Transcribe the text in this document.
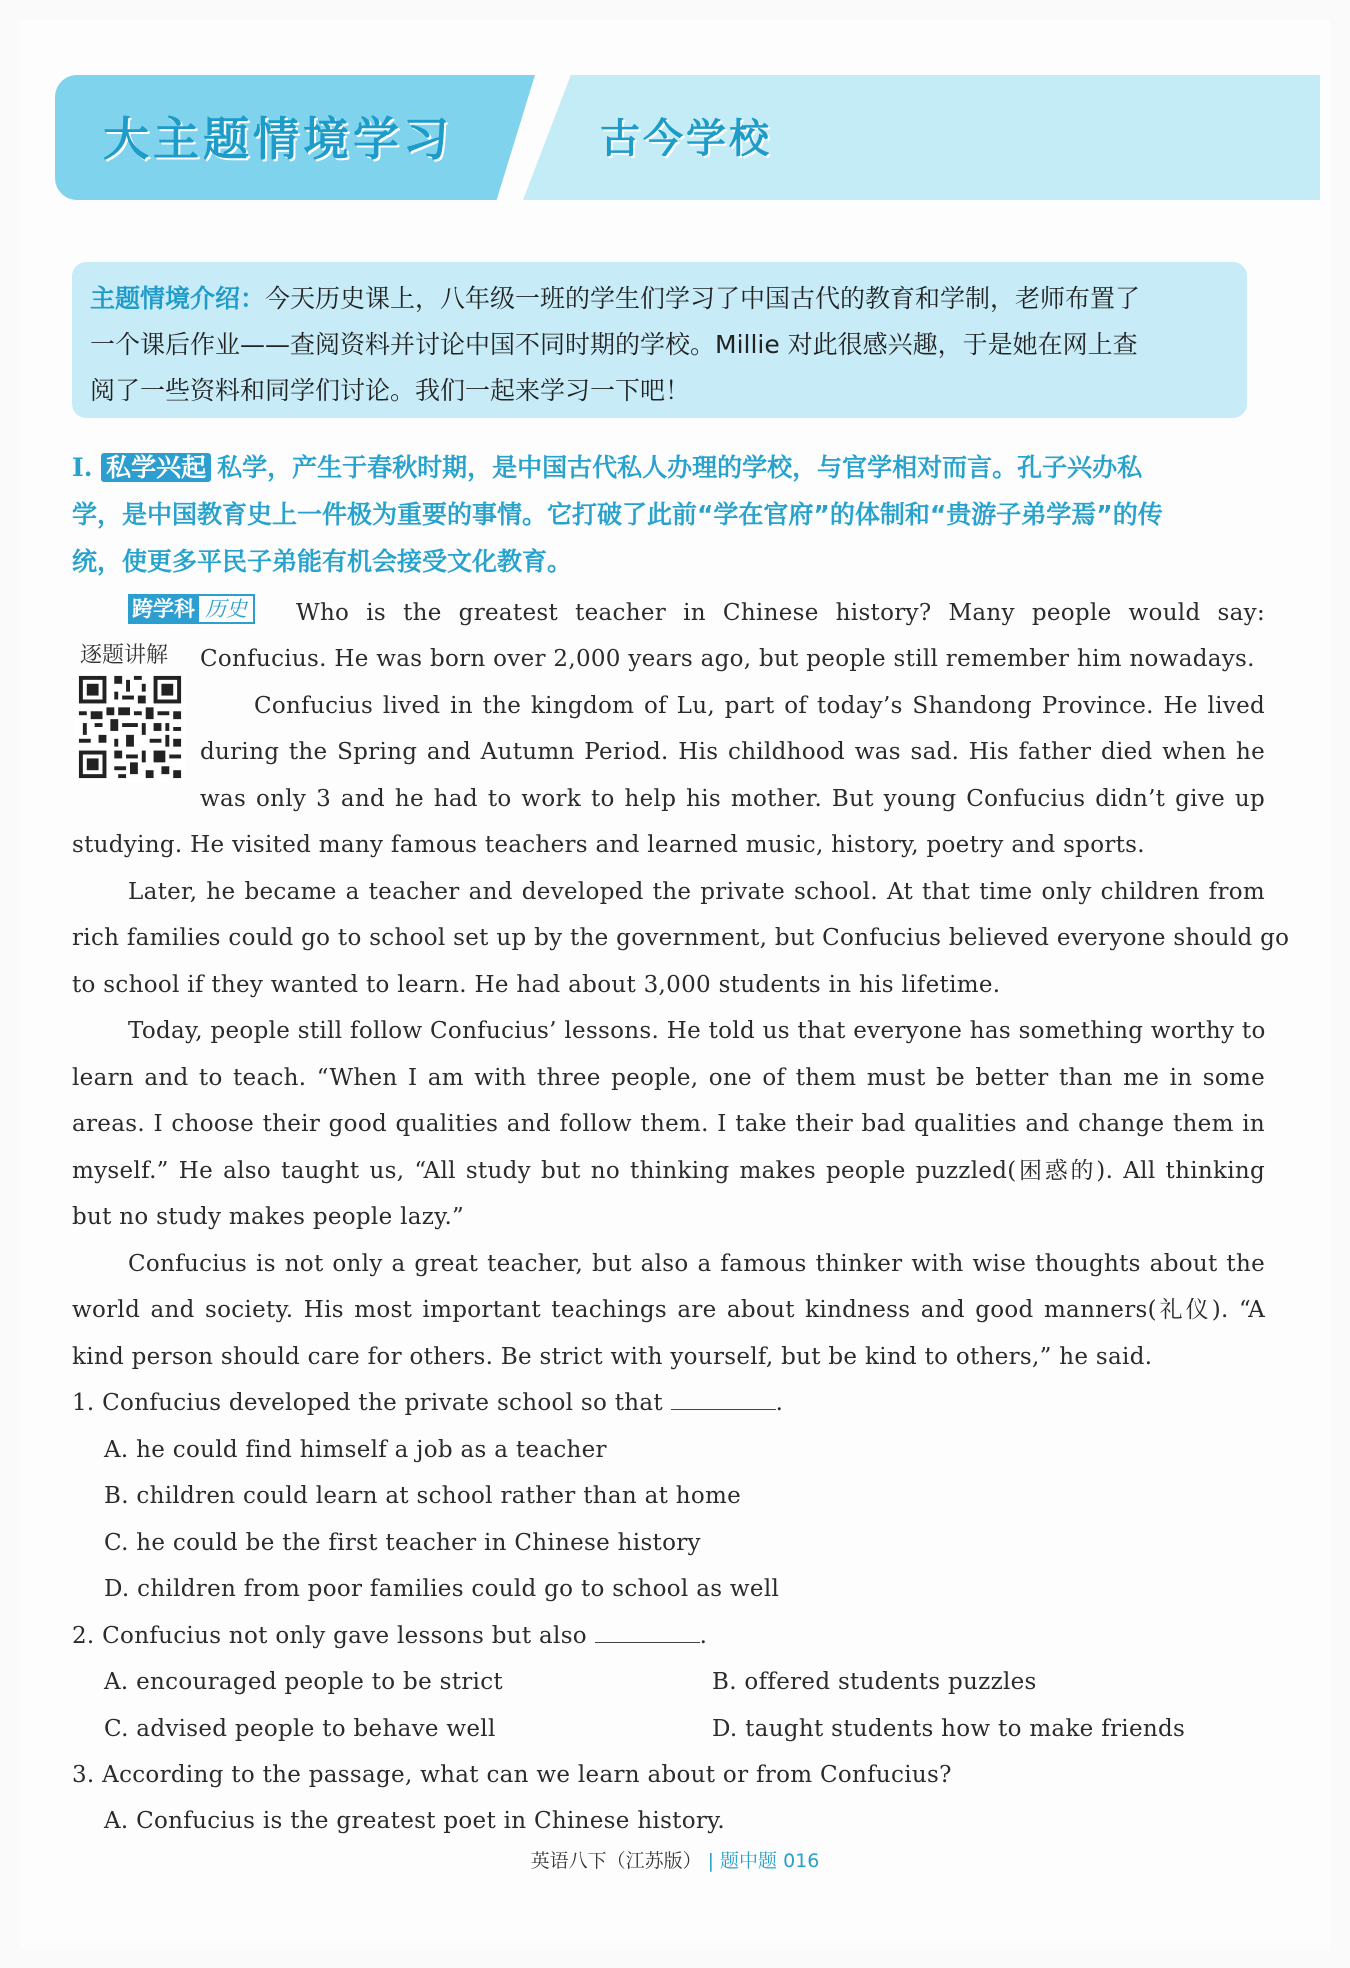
大主题情境学习	古今学校
主题情境介绍：今天历史课上，八年级一班的学生们学习了中国古代的教育和学制，老师布置了
一个课后作业——查阅资料并讨论中国不同时期的学校。Millie 对此很感兴趣，于是她在网上查
阅了一些资料和同学们讨论。我们一起来学习一下吧！
Ⅰ. 私学兴起 私学，产生于春秋时期，是中国古代私人办理的学校，与官学相对而言。孔子兴办私
学，是中国教育史上一件极为重要的事情。它打破了此前“学在官府”的体制和“贵游子弟学焉”的传
统，使更多平民子弟能有机会接受文化教育。
跨学科 历史
逐题讲解
Who is the greatest teacher in Chinese history? Many people would say:
Confucius. He was born over 2,000 years ago, but people still remember him nowadays.
Confucius lived in the kingdom of Lu, part of today’s Shandong Province. He lived
during the Spring and Autumn Period. His childhood was sad. His father died when he
was only 3 and he had to work to help his mother. But young Confucius didn’t give up
studying. He visited many famous teachers and learned music, history, poetry and sports.
Later, he became a teacher and developed the private school. At that time only children from
rich families could go to school set up by the government, but Confucius believed everyone should go
to school if they wanted to learn. He had about 3,000 students in his lifetime.
Today, people still follow Confucius’ lessons. He told us that everyone has something worthy to
learn and to teach. “When I am with three people, one of them must be better than me in some
areas. I choose their good qualities and follow them. I take their bad qualities and change them in
myself.” He also taught us, “All study but no thinking makes people puzzled(困惑的). All thinking
but no study makes people lazy.”
Confucius is not only a great teacher, but also a famous thinker with wise thoughts about the
world and society. His most important teachings are about kindness and good manners(礼仪). “A
kind person should care for others. Be strict with yourself, but be kind to others,” he said.
1. Confucius developed the private school so that	.
A. he could find himself a job as a teacher
B. children could learn at school rather than at home
C. he could be the first teacher in Chinese history
D. children from poor families could go to school as well
2. Confucius not only gave lessons but also	.
A. encouraged people to be strict	B. offered students puzzles
C. advised people to behave well	D. taught students how to make friends
3. According to the passage, what can we learn about or from Confucius?
A. Confucius is the greatest poet in Chinese history.
英语八下（江苏版） | 题中题 016
